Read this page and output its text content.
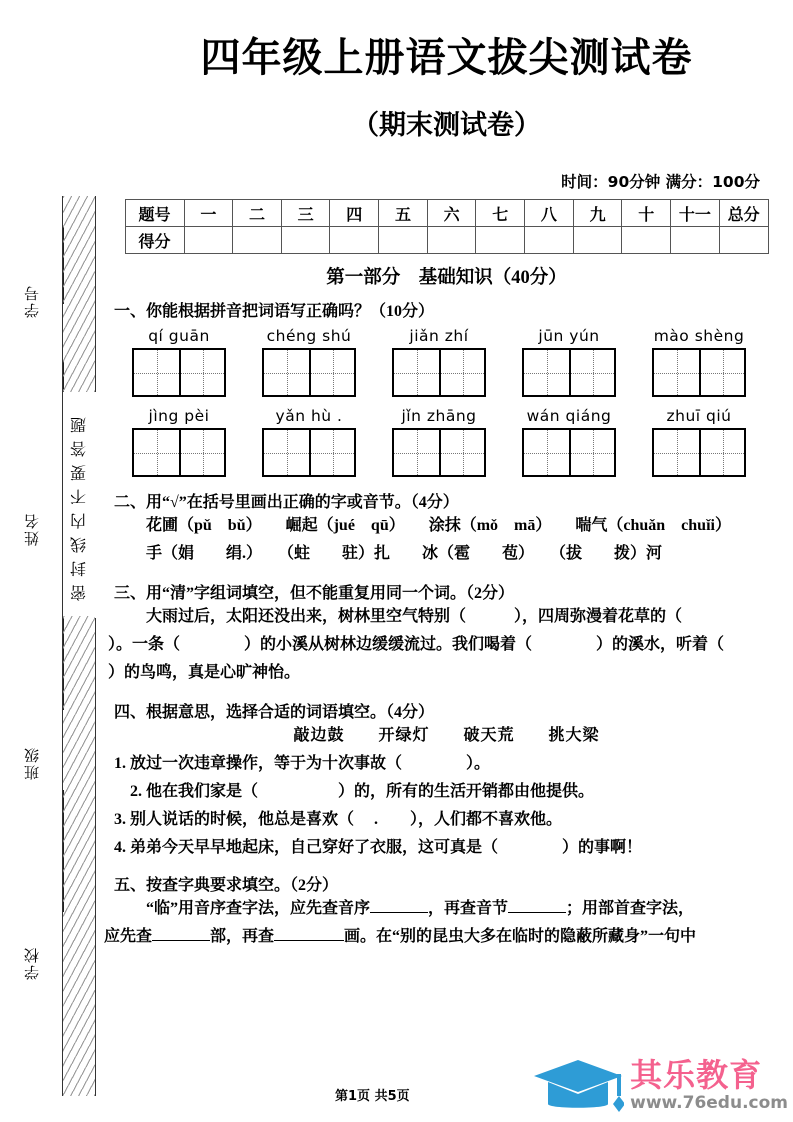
学号
姓名
班级
学校
密封线内不要答题
四年级上册语文拔尖测试卷
（期末测试卷）
时间：90分钟 满分：100分
题号	一	二	三	四	五	六	七	八	九	十	十一	总分
得分												
第一部分　基础知识（40分）
一、你能根据拼音把词语写正确吗？（10分）
qí guān	chéng shú	jiǎn zhí	jūn yún	mào shèng
jìng pèi	yǎn hù .	jǐn zhāng	wán qiáng	zhuī qiú
二、用“√”在括号里画出正确的字或音节。（4分）
花圃（pǔ　bǔ）　　崛起（jué　qū）　　涂抹（mǒ　mā）　　喘气（chuǎn　chuǐi）
手（娟　　绢.）　　（蛀　　驻）扎　　冰（雹　　苞）　　（拔　　拨）河
三、用“清”字组词填空，但不能重复用同一个词。（2分）
大雨过后，太阳还没出来，树林里空气特别（　　　），四周弥漫着花草的（
）。一条（　　　　）的小溪从树林边缓缓流过。我们喝着（　　　　）的溪水，听着（
）的鸟鸣，真是心旷神怡。
四、根据意思，选择合适的词语填空。（4分）
敲边鼓　　开绿灯　　破天荒　　挑大梁
1. 放过一次违章操作，等于为十次事故（　　　　）。
2. 他在我们家是（　　　　　）的，所有的生活开销都由他提供。
3. 别人说话的时候，他总是喜欢（　 .　　），人们都不喜欢他。
4. 弟弟今天早早地起床，自己穿好了衣服，这可真是（　　　　）的事啊！
五、按查字典要求填空。（2分）
“临”用音序查字法，应先查音序	，再查音节	；用部首查字法，
应先查	部，再查	画。在“别的昆虫大多在临时的隐蔽所藏身”一句中
第1页 共5页
其乐教育
www.76edu.com
